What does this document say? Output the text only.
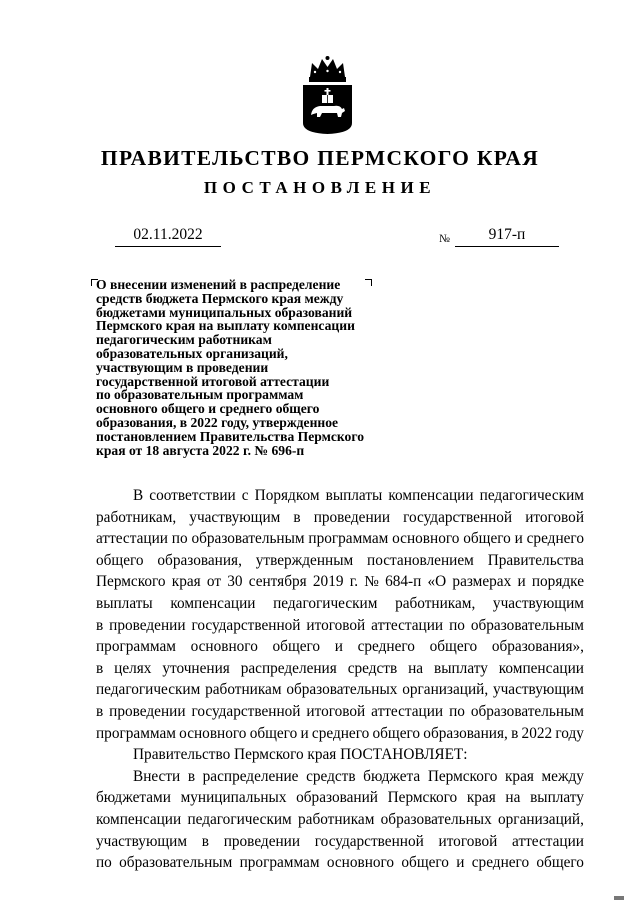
ПРАВИТЕЛЬСТВО ПЕРМСКОГО КРАЯ
ПОСТАНОВЛЕНИЕ
02.11.2022	№	917-п
О внесении изменений в распределение
средств бюджета Пермского края между
бюджетами муниципальных образований
Пермского края на выплату компенсации
педагогическим работникам
образовательных организаций,
участвующим в проведении
государственной итоговой аттестации
по образовательным программам
основного общего и среднего общего
образования, в 2022 году, утвержденное
постановлением Правительства Пермского
края от 18 августа 2022 г. № 696-п
В соответствии с Порядком выплаты компенсации педагогическим
работникам, участвующим в проведении государственной итоговой
аттестации по образовательным программам основного общего и среднего
общего образования, утвержденным постановлением Правительства
Пермского края от 30 сентября 2019 г. № 684-п «О размерах и порядке
выплаты компенсации педагогическим работникам, участвующим
в проведении государственной итоговой аттестации по образовательным
программам основного общего и среднего общего образования»,
в целях уточнения распределения средств на выплату компенсации
педагогическим работникам образовательных организаций, участвующим
в проведении государственной итоговой аттестации по образовательным
программам основного общего и среднего общего образования, в 2022 году
Правительство Пермского края ПОСТАНОВЛЯЕТ:
Внести в распределение средств бюджета Пермского края между
бюджетами муниципальных образований Пермского края на выплату
компенсации педагогическим работникам образовательных организаций,
участвующим в проведении государственной итоговой аттестации
по образовательным программам основного общего и среднего общего
